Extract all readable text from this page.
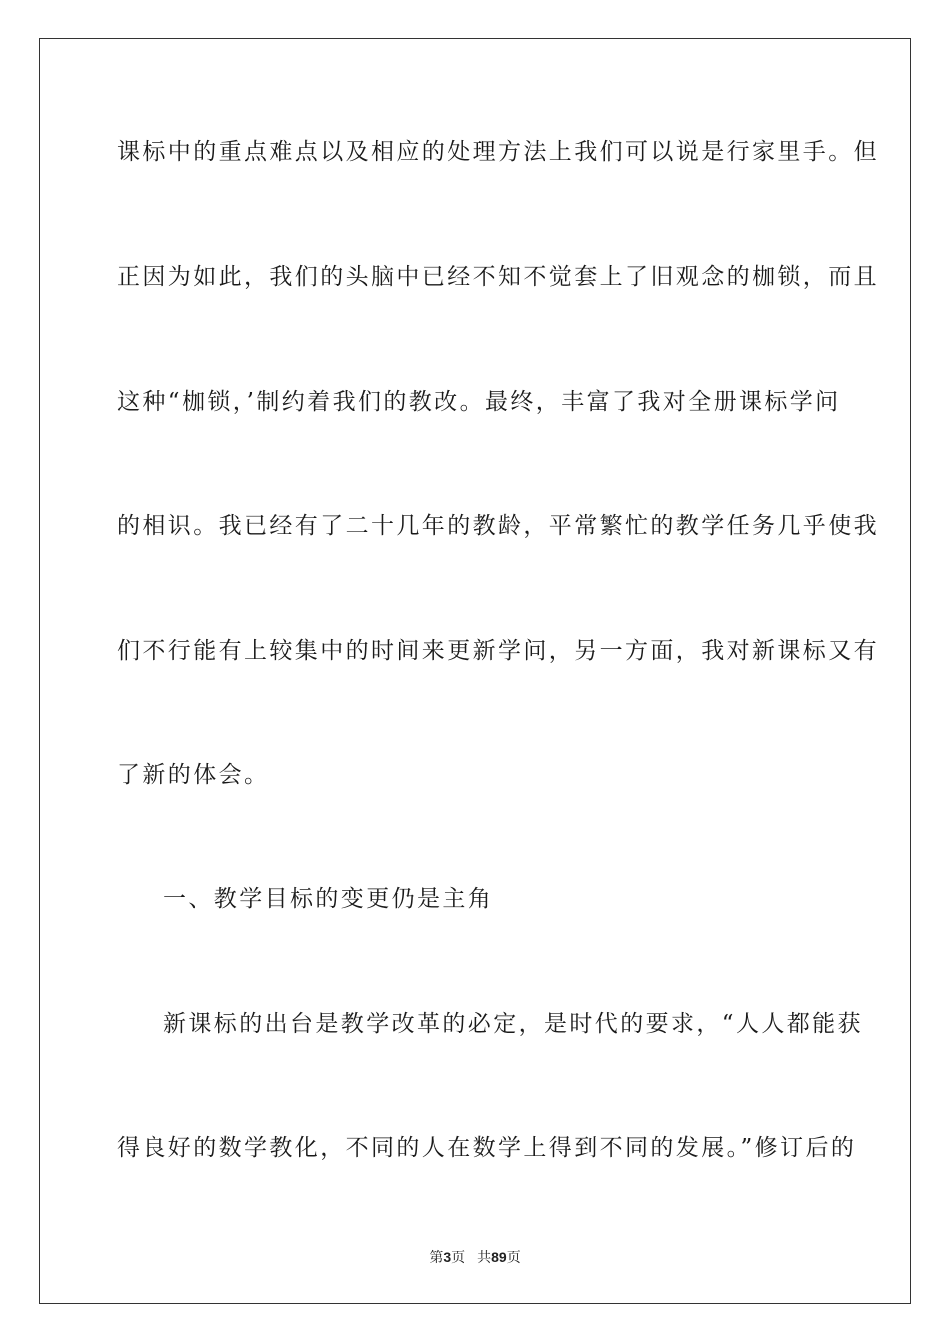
课标中的重点难点以及相应的处理方法上我们可以说是行家里手。但
正因为如此，我们的头脑中已经不知不觉套上了旧观念的枷锁，而且
这种“枷锁，’制约着我们的教改。最终，丰富了我对全册课标学问
的相识。我已经有了二十几年的教龄，平常繁忙的教学任务几乎使我
们不行能有上较集中的时间来更新学问，另一方面，我对新课标又有
了新的体会。
一、教学目标的变更仍是主角
新课标的出台是教学改革的必定，是时代的要求，“人人都能获
得良好的数学教化，不同的人在数学上得到不同的发展。”修订后的
第3页 共89页
